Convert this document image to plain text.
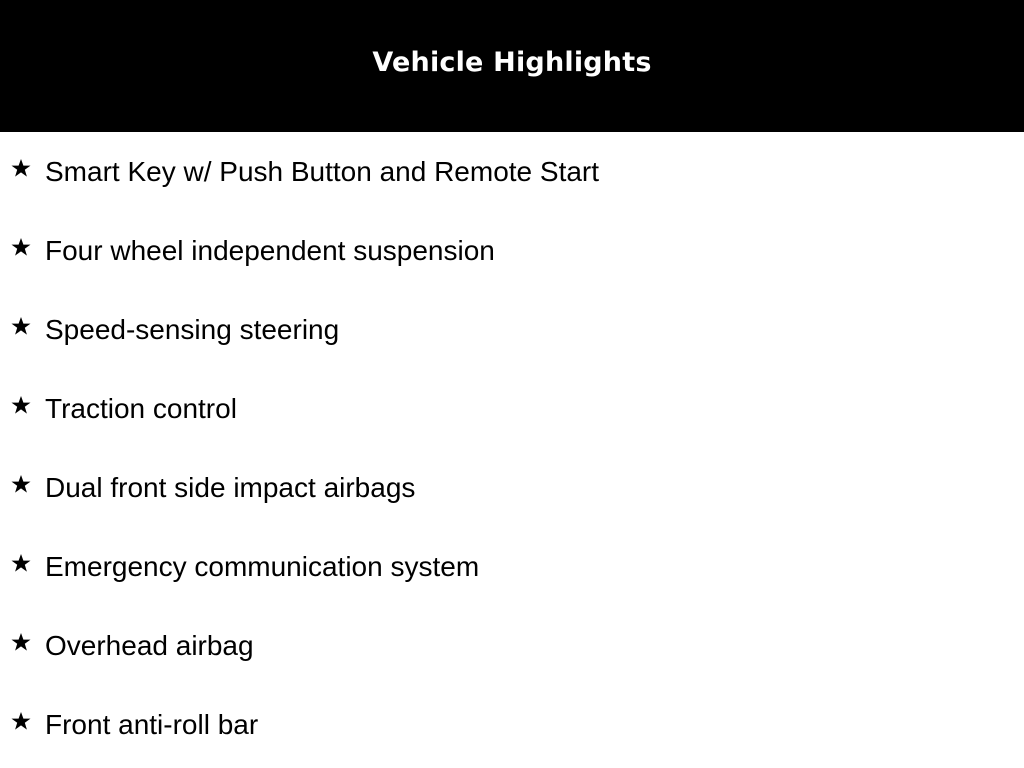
Vehicle Highlights
Smart Key w/ Push Button and Remote Start
Four wheel independent suspension
Speed-sensing steering
Traction control
Dual front side impact airbags
Emergency communication system
Overhead airbag
Front anti-roll bar
